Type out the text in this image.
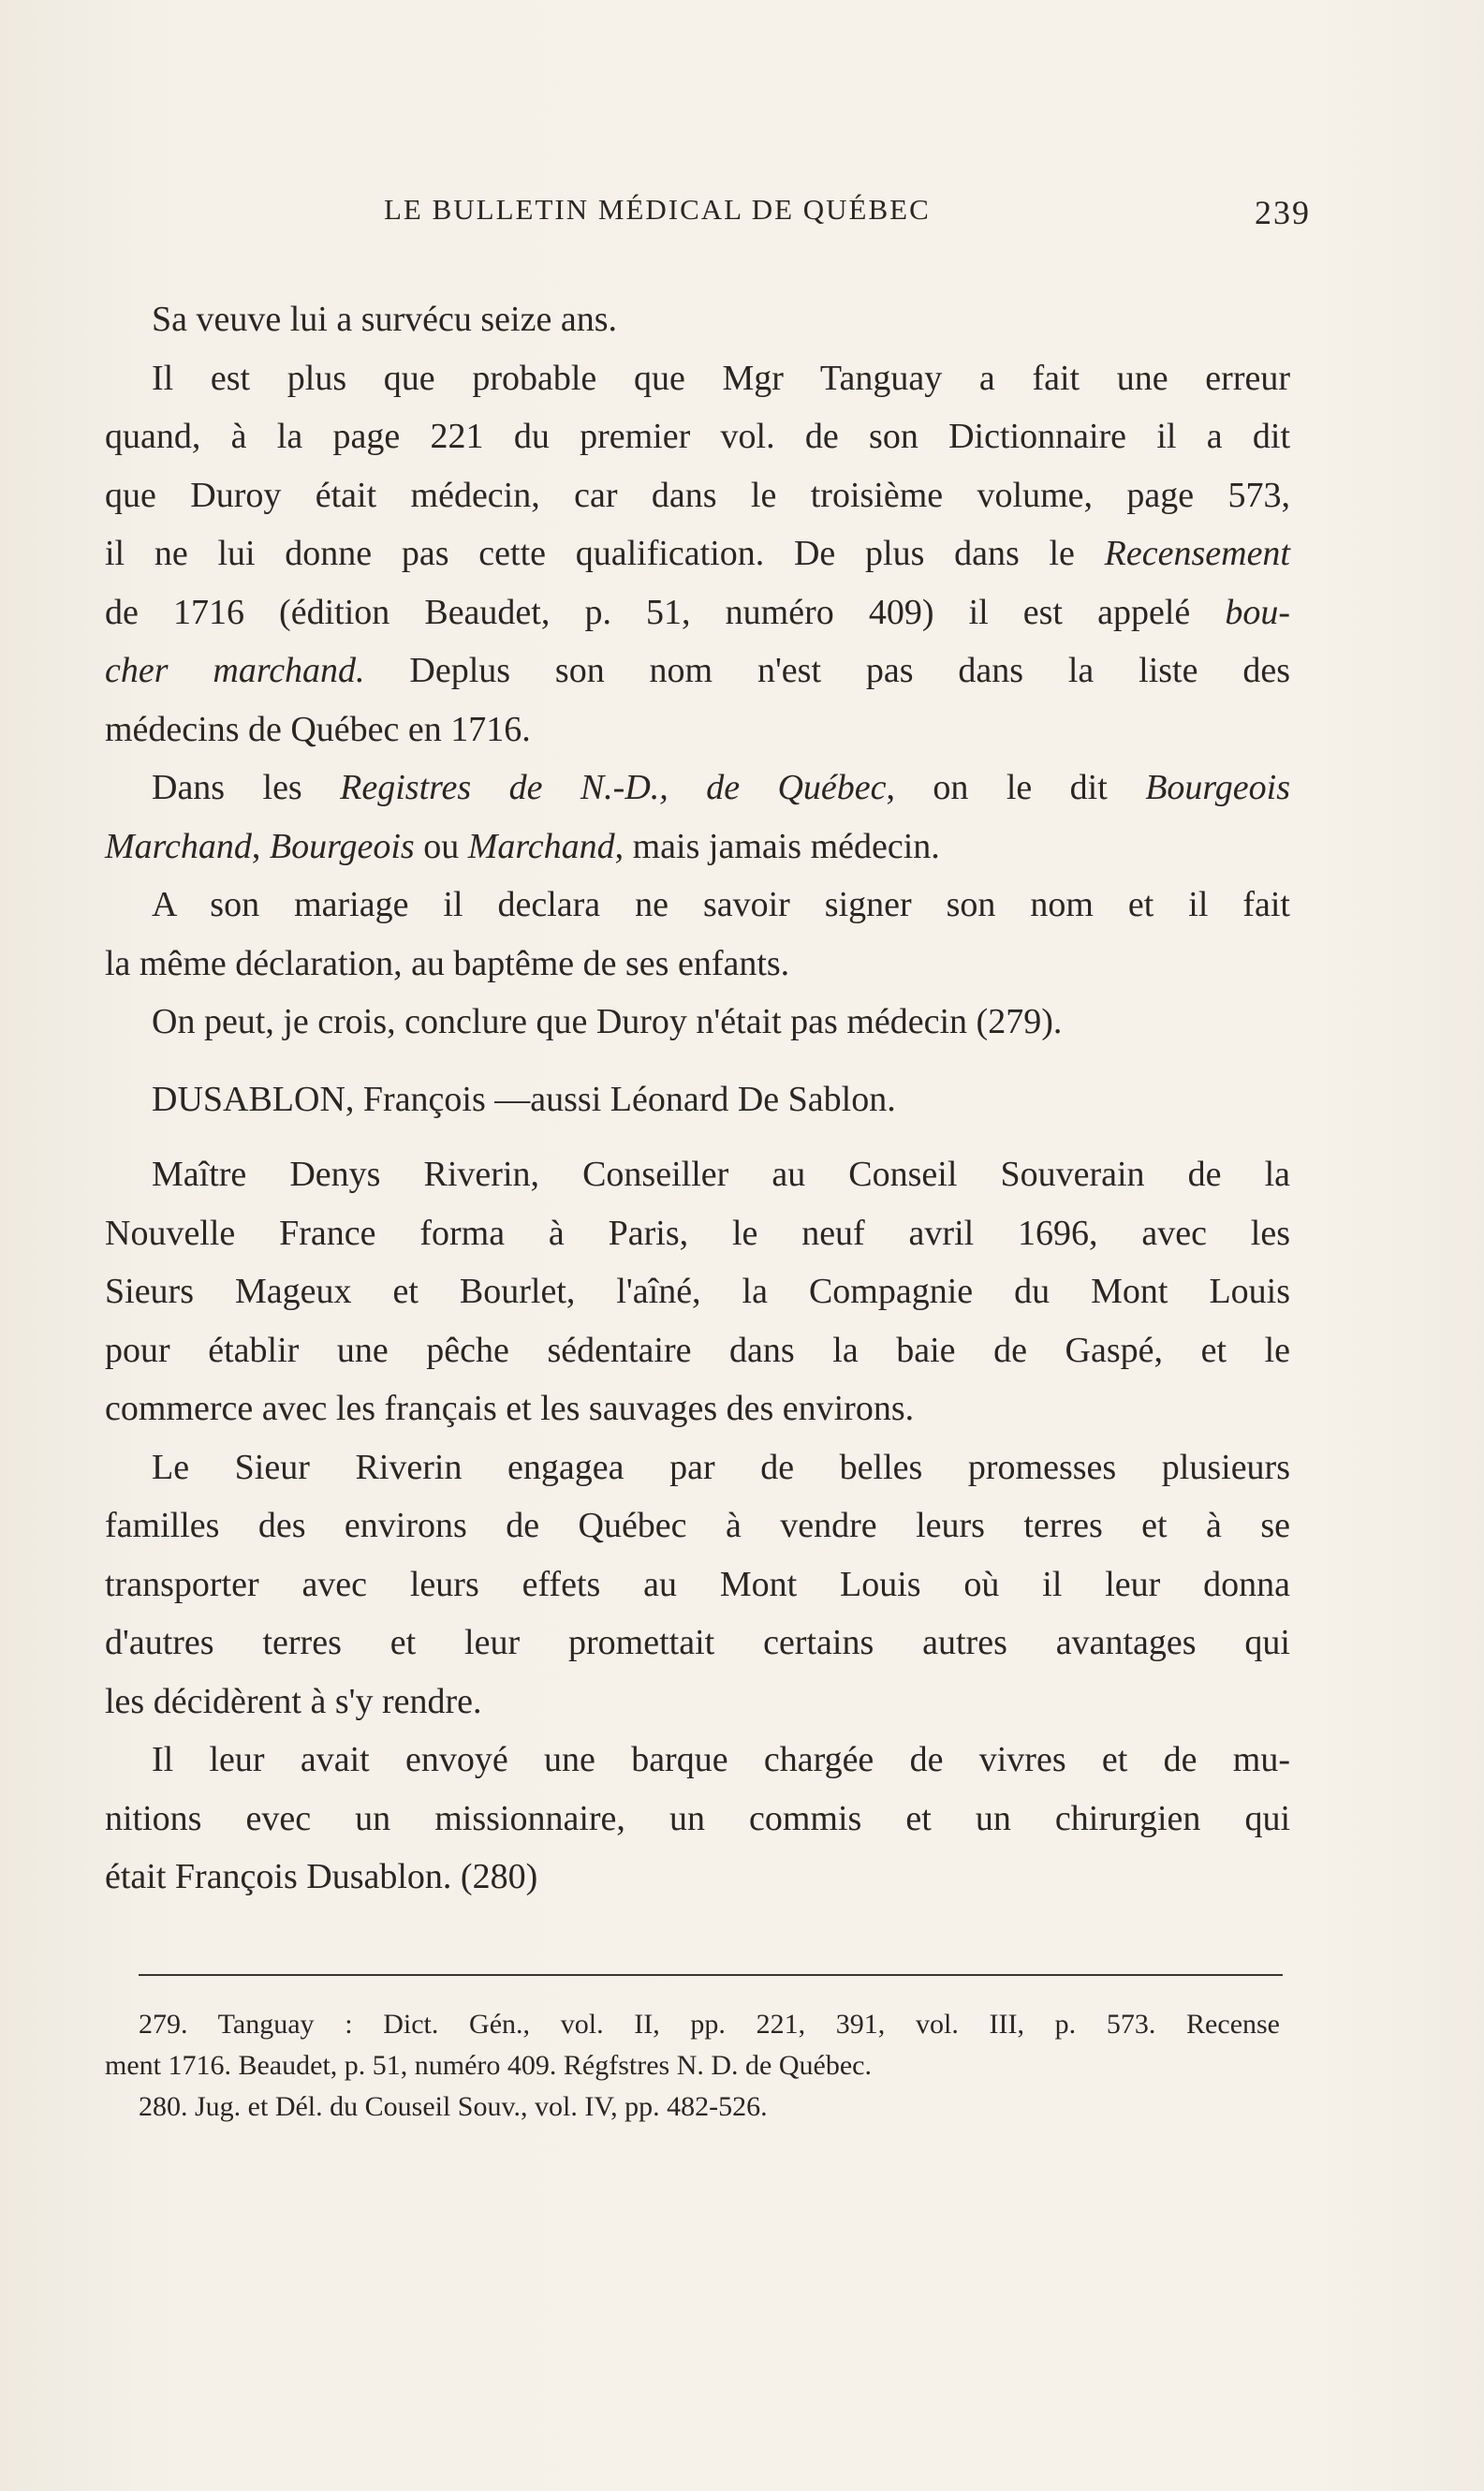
LE BULLETIN MÉDICAL DE QUÉBEC	239
Sa veuve lui a survécu seize ans.
Il est plus que probable que Mgr Tanguay a fait une erreur
quand, à la page 221 du premier vol. de son Dictionnaire il a dit
que Duroy était médecin, car dans le troisième volume, page 573,
il ne lui donne pas cette qualification. De plus dans le Recensement
de 1716 (édition Beaudet, p. 51, numéro 409) il est appelé bou-
cher marchand. Deplus son nom n'est pas dans la liste des
médecins de Québec en 1716.
Dans les Registres de N.-D., de Québec, on le dit Bourgeois
Marchand, Bourgeois ou Marchand, mais jamais médecin.
A son mariage il declara ne savoir signer son nom et il fait
la même déclaration, au baptême de ses enfants.
On peut, je crois, conclure que Duroy n'était pas médecin (279).
DUSABLON, François —aussi Léonard De Sablon.
Maître Denys Riverin, Conseiller au Conseil Souverain de la
Nouvelle France forma à Paris, le neuf avril 1696, avec les
Sieurs Mageux et Bourlet, l'aîné, la Compagnie du Mont Louis
pour établir une pêche sédentaire dans la baie de Gaspé, et le
commerce avec les français et les sauvages des environs.
Le Sieur Riverin engagea par de belles promesses plusieurs
familles des environs de Québec à vendre leurs terres et à se
transporter avec leurs effets au Mont Louis où il leur donna
d'autres terres et leur promettait certains autres avantages qui
les décidèrent à s'y rendre.
Il leur avait envoyé une barque chargée de vivres et de mu-
nitions evec un missionnaire, un commis et un chirurgien qui
était François Dusablon. (280)
279. Tanguay : Dict. Gén., vol. II, pp. 221, 391, vol. III, p. 573. Recense
ment 1716. Beaudet, p. 51, numéro 409. Régfstres N. D. de Québec.
280. Jug. et Dél. du Couseil Souv., vol. IV, pp. 482-526.
